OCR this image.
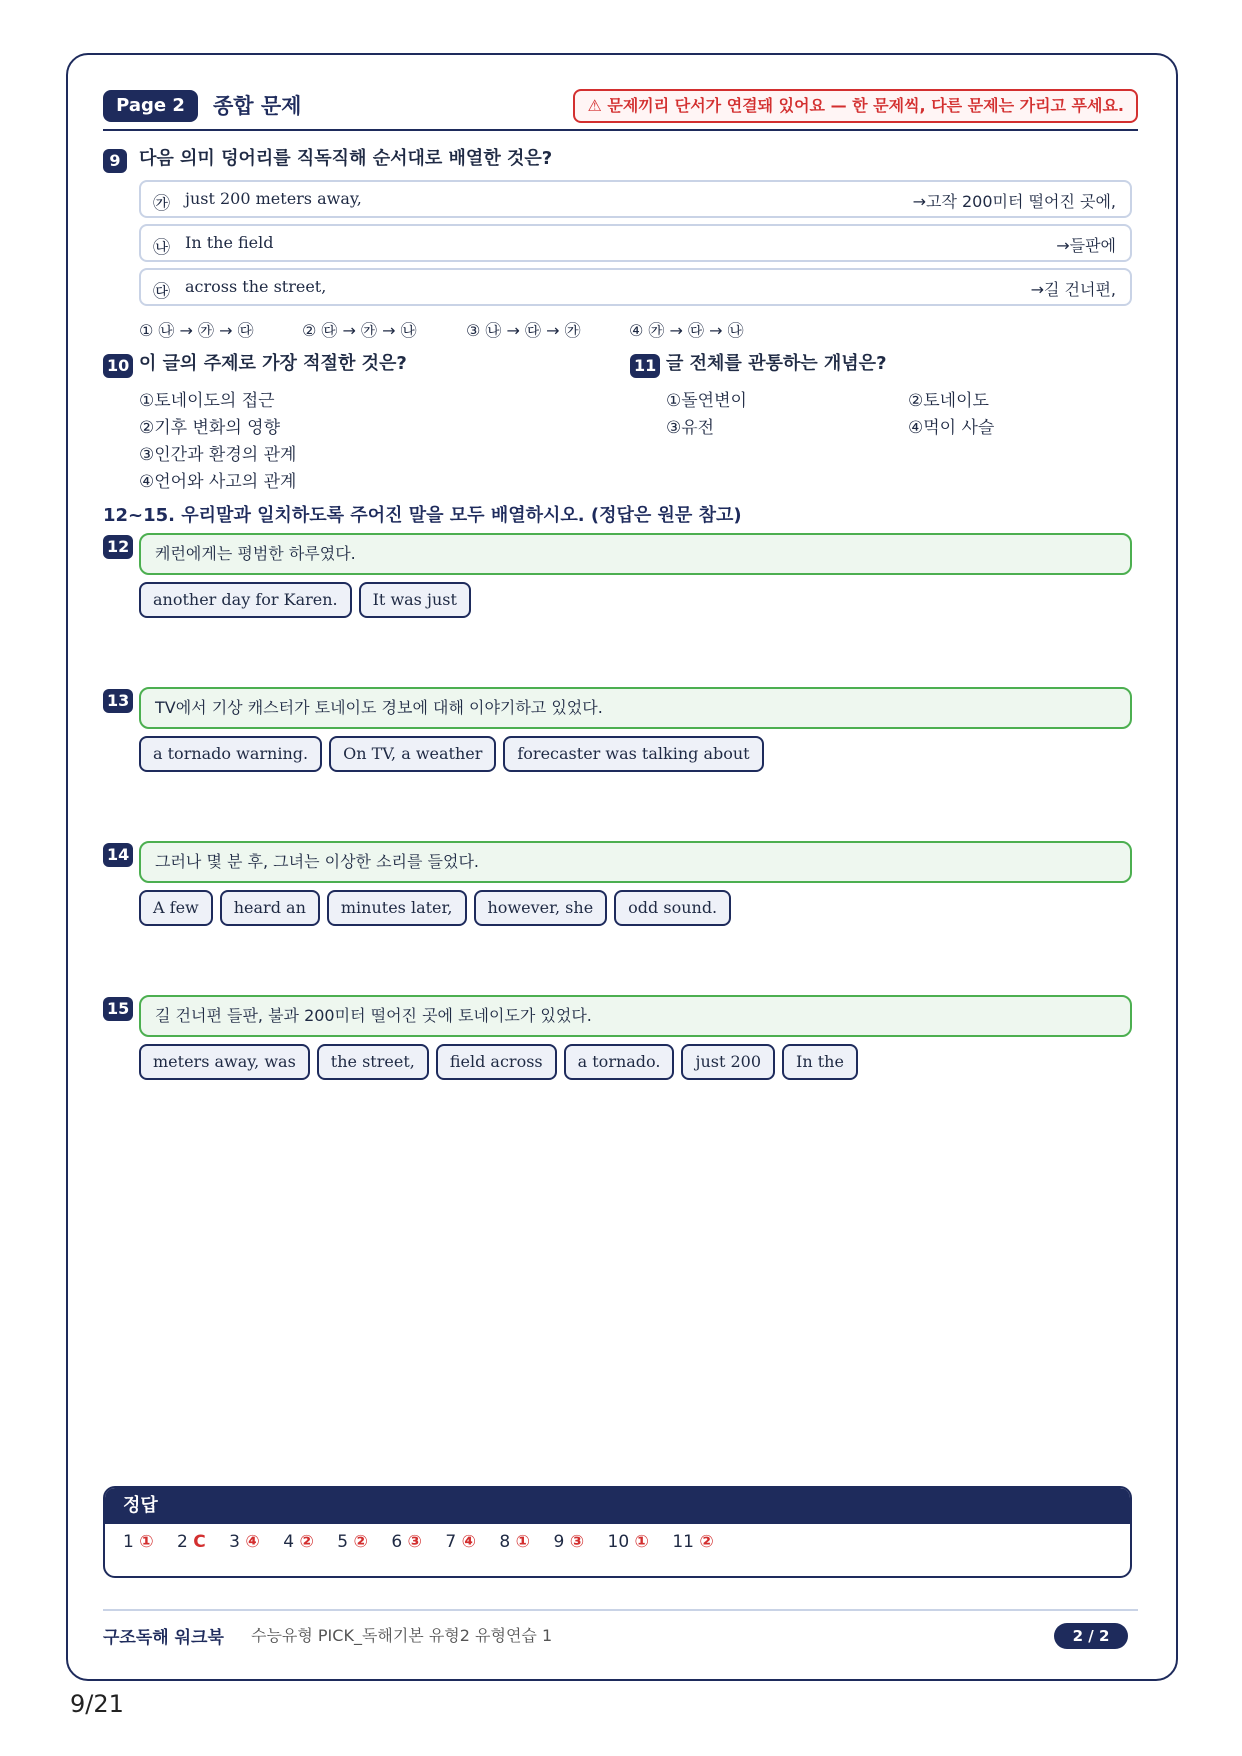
Page 2	종합 문제	⚠ 문제끼리 단서가 연결돼 있어요 — 한 문제씩, 다른 문제는 가리고 푸세요.
9	다음 의미 덩어리를 직독직해 순서대로 배열한 것은?
㉮ just 200 meters away,	→고작 200미터 떨어진 곳에,
㉯ In the field	→들판에
㉰ across the street,	→길 건너편,
① ㉯ → ㉮ → ㉰	② ㉰ → ㉮ → ㉯	③ ㉯ → ㉰ → ㉮	④ ㉮ → ㉰ → ㉯
10 이 글의 주제로 가장 적절한 것은?
①토네이도의 접근
②기후 변화의 영향
③인간과 환경의 관계
④언어와 사고의 관계
11 글 전체를 관통하는 개념은?
①돌연변이	②토네이도
③유전	④먹이 사슬
12~15. 우리말과 일치하도록 주어진 말을 모두 배열하시오. (정답은 원문 참고)
12	케런에게는 평범한 하루였다.
another day for Karen.	It was just
13	TV에서 기상 캐스터가 토네이도 경보에 대해 이야기하고 있었다.
a tornado warning.	On TV, a weather	forecaster was talking about
14	그러나 몇 분 후, 그녀는 이상한 소리를 들었다.
A few	heard an	minutes later,	however, she	odd sound.
15	길 건너편 들판, 불과 200미터 떨어진 곳에 토네이도가 있었다.
meters away, was	the street,	field across	a tornado.	just 200	In the
정답
1 ① 2 C 3 ④ 4 ② 5 ② 6 ③ 7 ④ 8 ① 9 ③ 10 ① 11 ②
구조독해 워크북 수능유형 PICK_독해기본 유형2 유형연습 1	2 / 2
9/21
